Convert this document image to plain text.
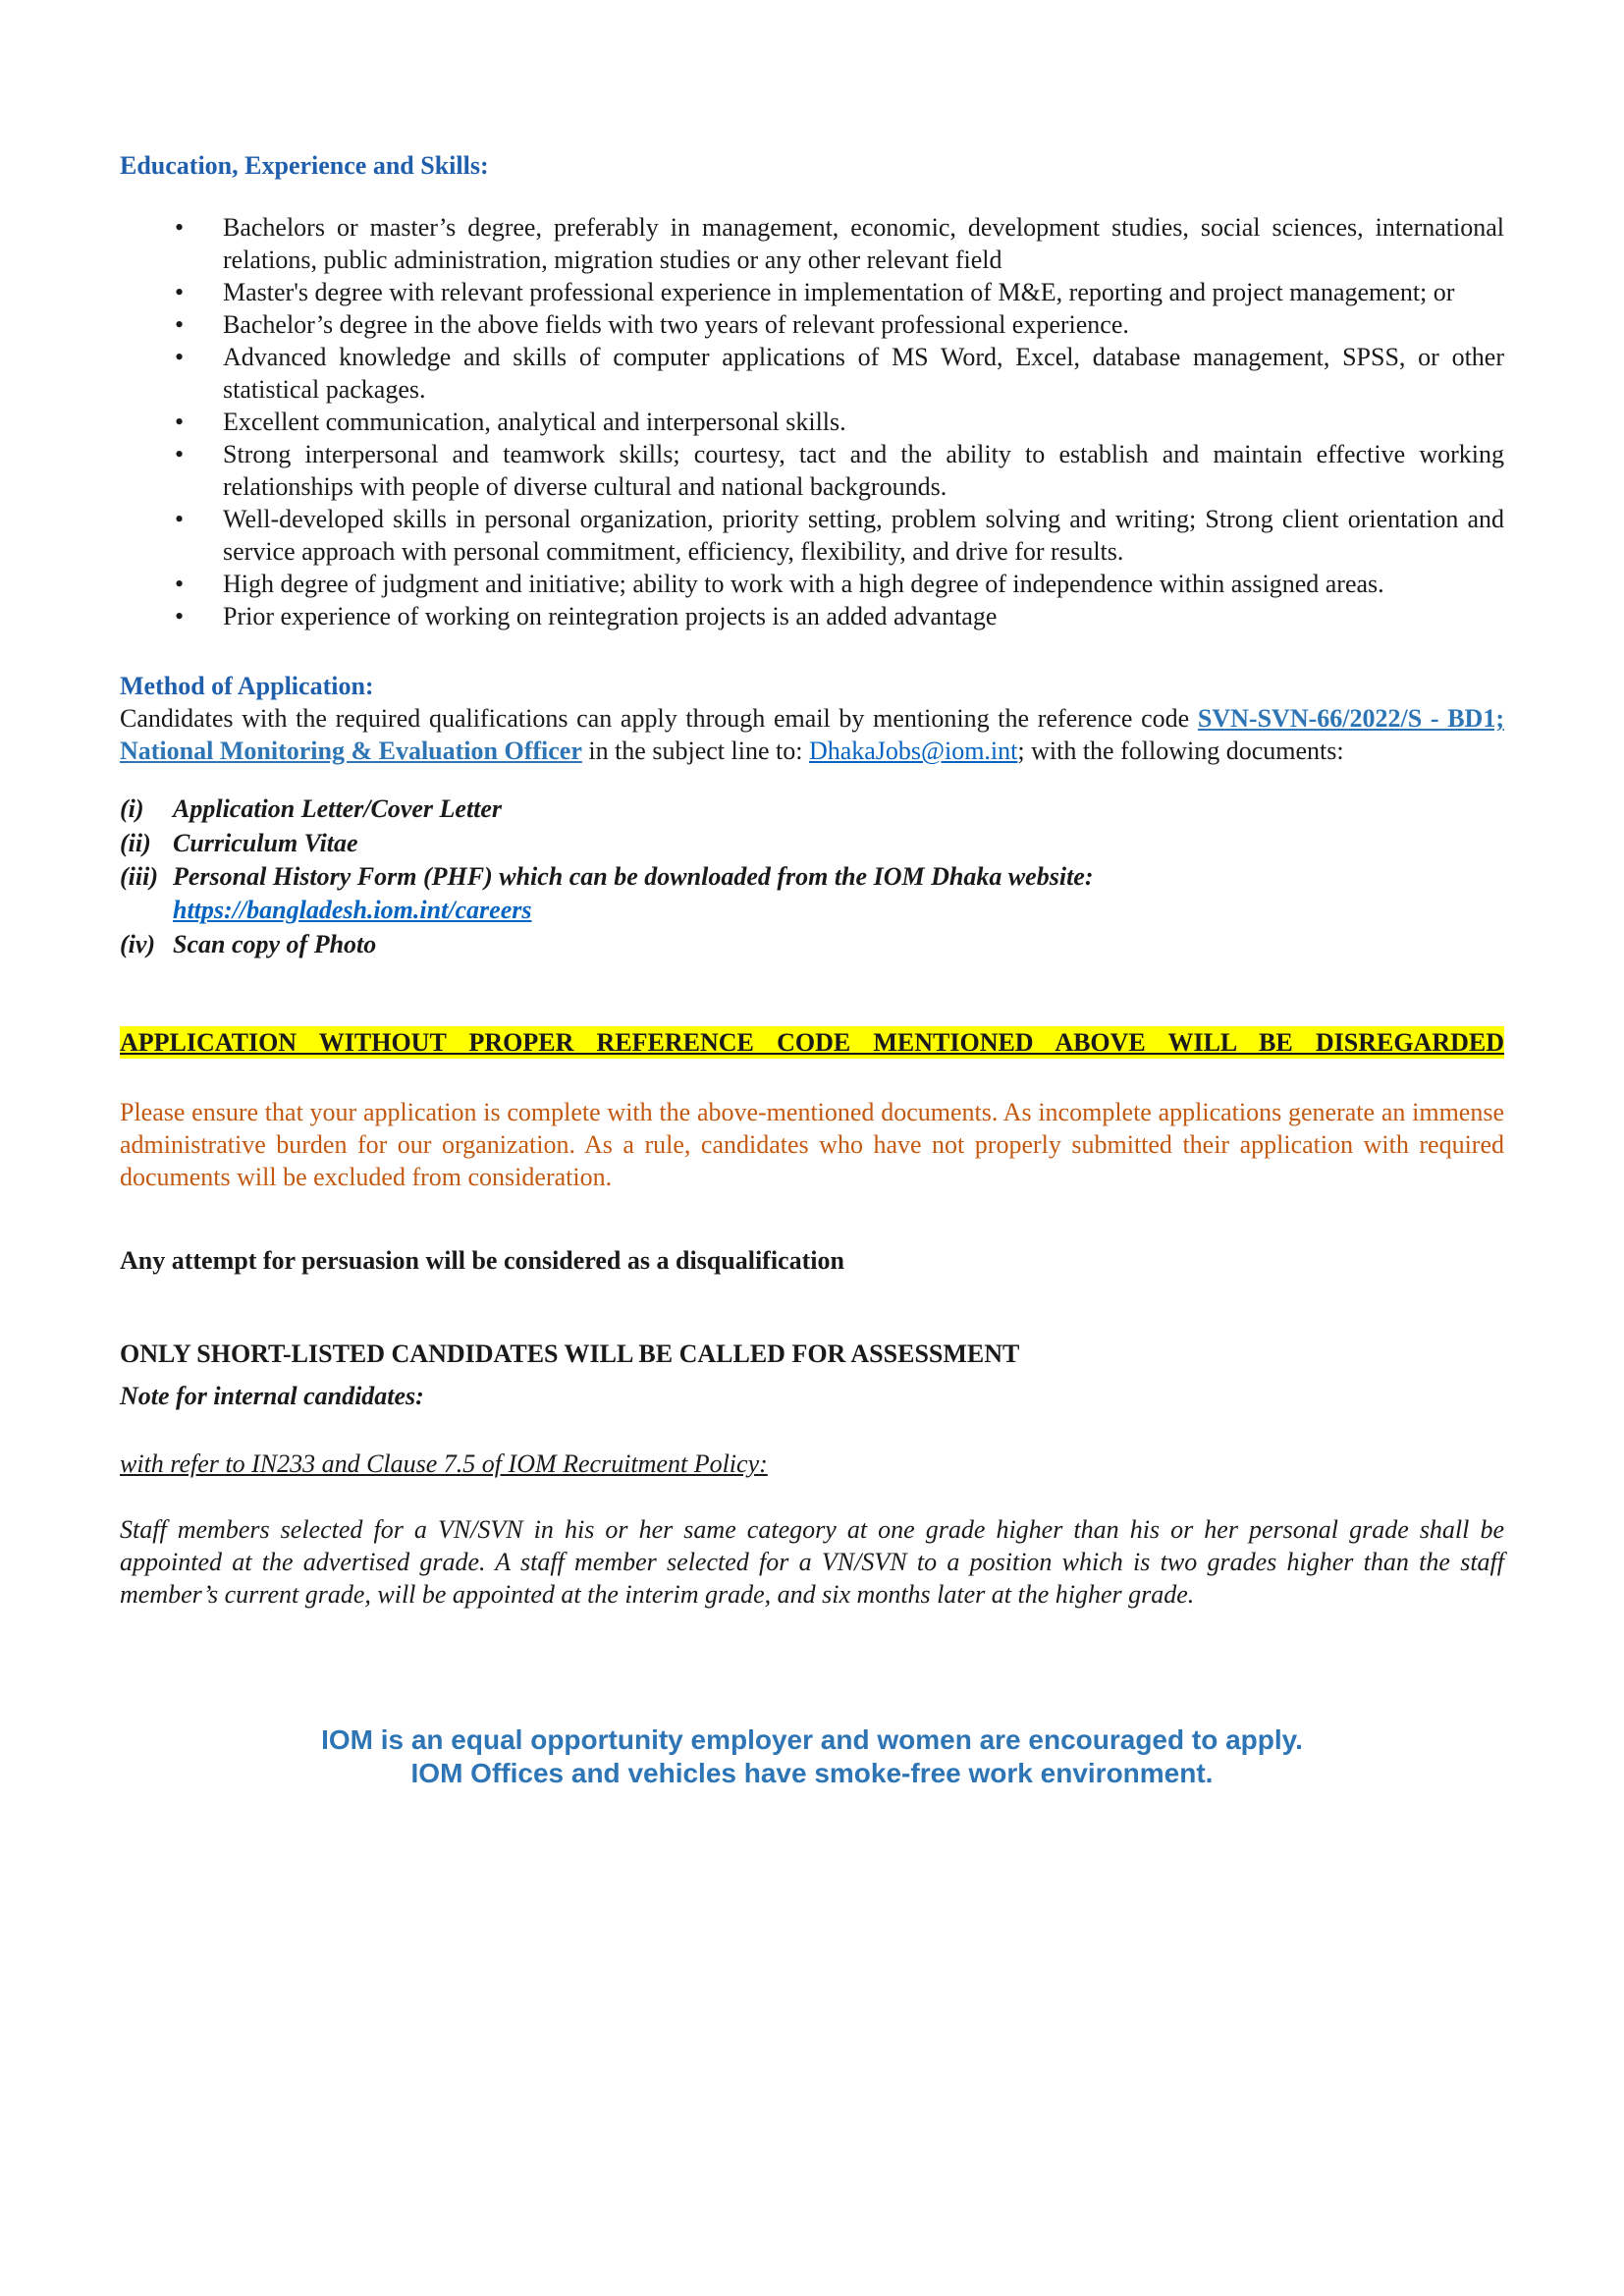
Education, Experience and Skills:
• Bachelors or master’s degree, preferably in management, economic, development studies, social sciences, international relations, public administration, migration studies or any other relevant field
• Master's degree with relevant professional experience in implementation of M&E, reporting and project management; or
• Bachelor’s degree in the above fields with two years of relevant professional experience.
• Advanced knowledge and skills of computer applications of MS Word, Excel, database management, SPSS, or other statistical packages.
• Excellent communication, analytical and interpersonal skills.
• Strong interpersonal and teamwork skills; courtesy, tact and the ability to establish and maintain effective working relationships with people of diverse cultural and national backgrounds.
• Well-developed skills in personal organization, priority setting, problem solving and writing; Strong client orientation and service approach with personal commitment, efficiency, flexibility, and drive for results.
• High degree of judgment and initiative; ability to work with a high degree of independence within assigned areas.
• Prior experience of working on reintegration projects is an added advantage
Method of Application:

Candidates with the required qualifications can apply through email by mentioning the reference code SVN-SVN-66/2022/S - BD1; National Monitoring & Evaluation Officer in the subject line to: DhakaJobs@iom.int; with the following documents:

(i) Application Letter/Cover Letter
(ii) Curriculum Vitae
(iii) Personal History Form (PHF) which can be downloaded from the IOM Dhaka website:
https://bangladesh.iom.int/careers
(iv) Scan copy of Photo
APPLICATION WITHOUT PROPER REFERENCE CODE MENTIONED ABOVE WILL BE DISREGARDED

Please ensure that your application is complete with the above-mentioned documents. As incomplete applications generate an immense administrative burden for our organization. As a rule, candidates who have not properly submitted their application with required documents will be excluded from consideration.

Any attempt for persuasion will be considered as a disqualification

ONLY SHORT-LISTED CANDIDATES WILL BE CALLED FOR ASSESSMENT

Note for internal candidates:

with refer to IN233 and Clause 7.5 of IOM Recruitment Policy:

Staff members selected for a VN/SVN in his or her same category at one grade higher than his or her personal grade shall be appointed at the advertised grade. A staff member selected for a VN/SVN to a position which is two grades higher than the staff member’s current grade, will be appointed at the interim grade, and six months later at the higher grade.

IOM is an equal opportunity employer and women are encouraged to apply.
IOM Offices and vehicles have smoke-free work environment.
